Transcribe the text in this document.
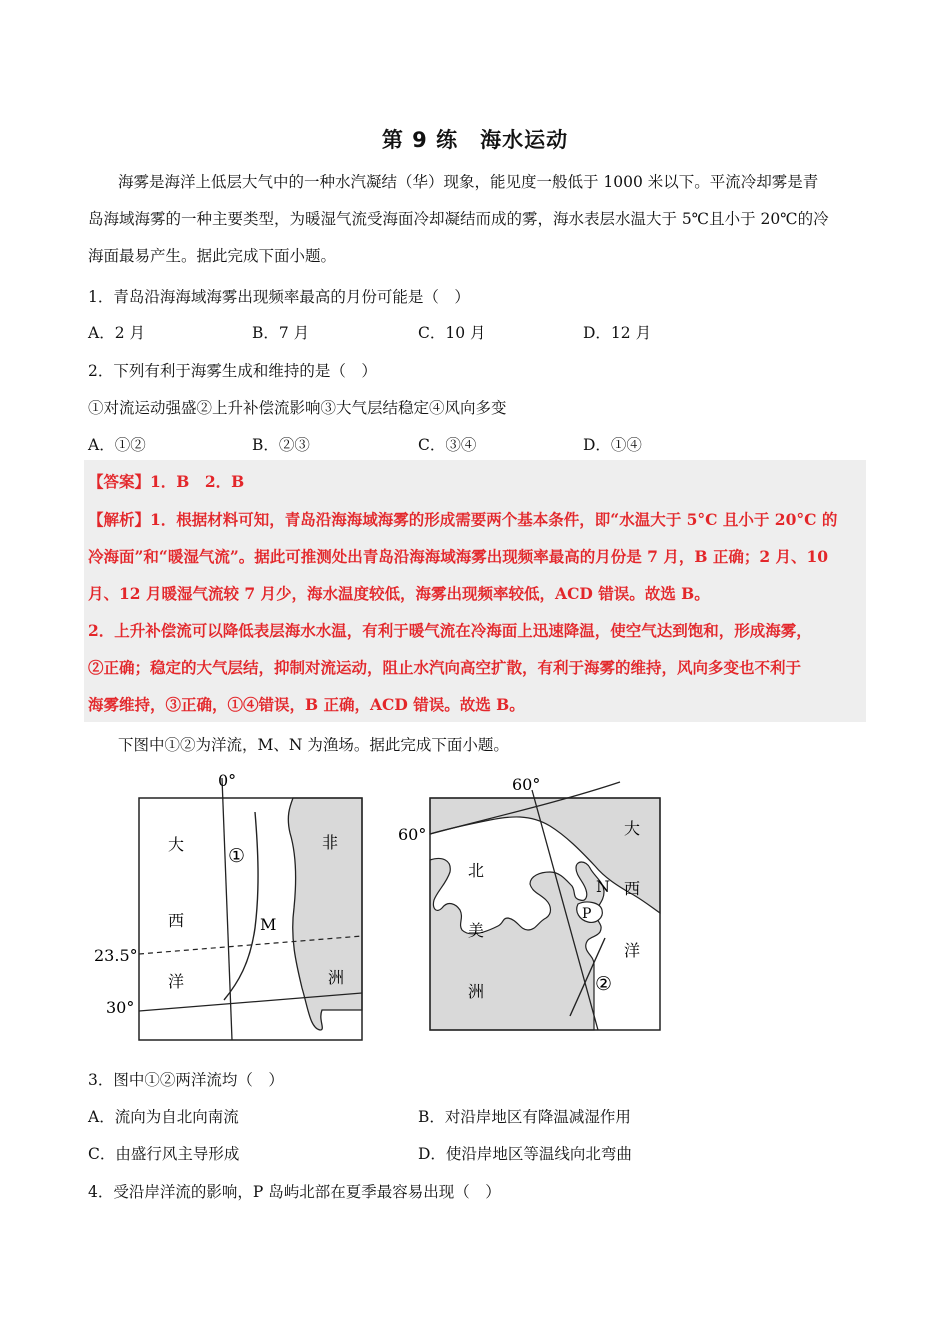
第 9 练　海水运动
海雾是海洋上低层大气中的一种水汽凝结（华）现象，能见度一般低于 1000 米以下。平流冷却雾是青
岛海域海雾的一种主要类型，为暖湿气流受海面冷却凝结而成的雾，海水表层水温大于 5℃且小于 20℃的冷
海面最易产生。据此完成下面小题。
1．青岛沿海海域海雾出现频率最高的月份可能是（　）
A．2 月	B．7 月	C．10 月	D．12 月
2．下列有利于海雾生成和维持的是（　）
①对流运动强盛②上升补偿流影响③大气层结稳定④风向多变
A．①②	B．②③	C．③④	D．①④
【答案】1．B　2．B
【解析】1．根据材料可知，青岛沿海海域海雾的形成需要两个基本条件，即“水温大于 5°C 且小于 20°C 的
冷海面”和“暖湿气流”。据此可推测处出青岛沿海海域海雾出现频率最高的月份是 7 月，B 正确；2 月、10
月、12 月暖湿气流较 7 月少，海水温度较低，海雾出现频率较低，ACD 错误。故选 B。
2．上升补偿流可以降低表层海水水温，有利于暖气流在冷海面上迅速降温，使空气达到饱和，形成海雾，
②正确；稳定的大气层结，抑制对流运动，阻止水汽向高空扩散，有利于海雾的维持，风向多变也不利于
海雾维持，③正确，①④错误，B 正确，ACD 错误。故选 B。
下图中①②为洋流，M、N 为渔场。据此完成下面小题。
0°
23.5°
30°
大
西
洋
非
洲
①
M
60°
60°
北
美
洲
大
西
洋
N
P
②
3．图中①②两洋流均（　）
A．流向为自北向南流	B．对沿岸地区有降温减湿作用
C．由盛行风主导形成	D．使沿岸地区等温线向北弯曲
4．受沿岸洋流的影响，P 岛屿北部在夏季最容易出现（　）
